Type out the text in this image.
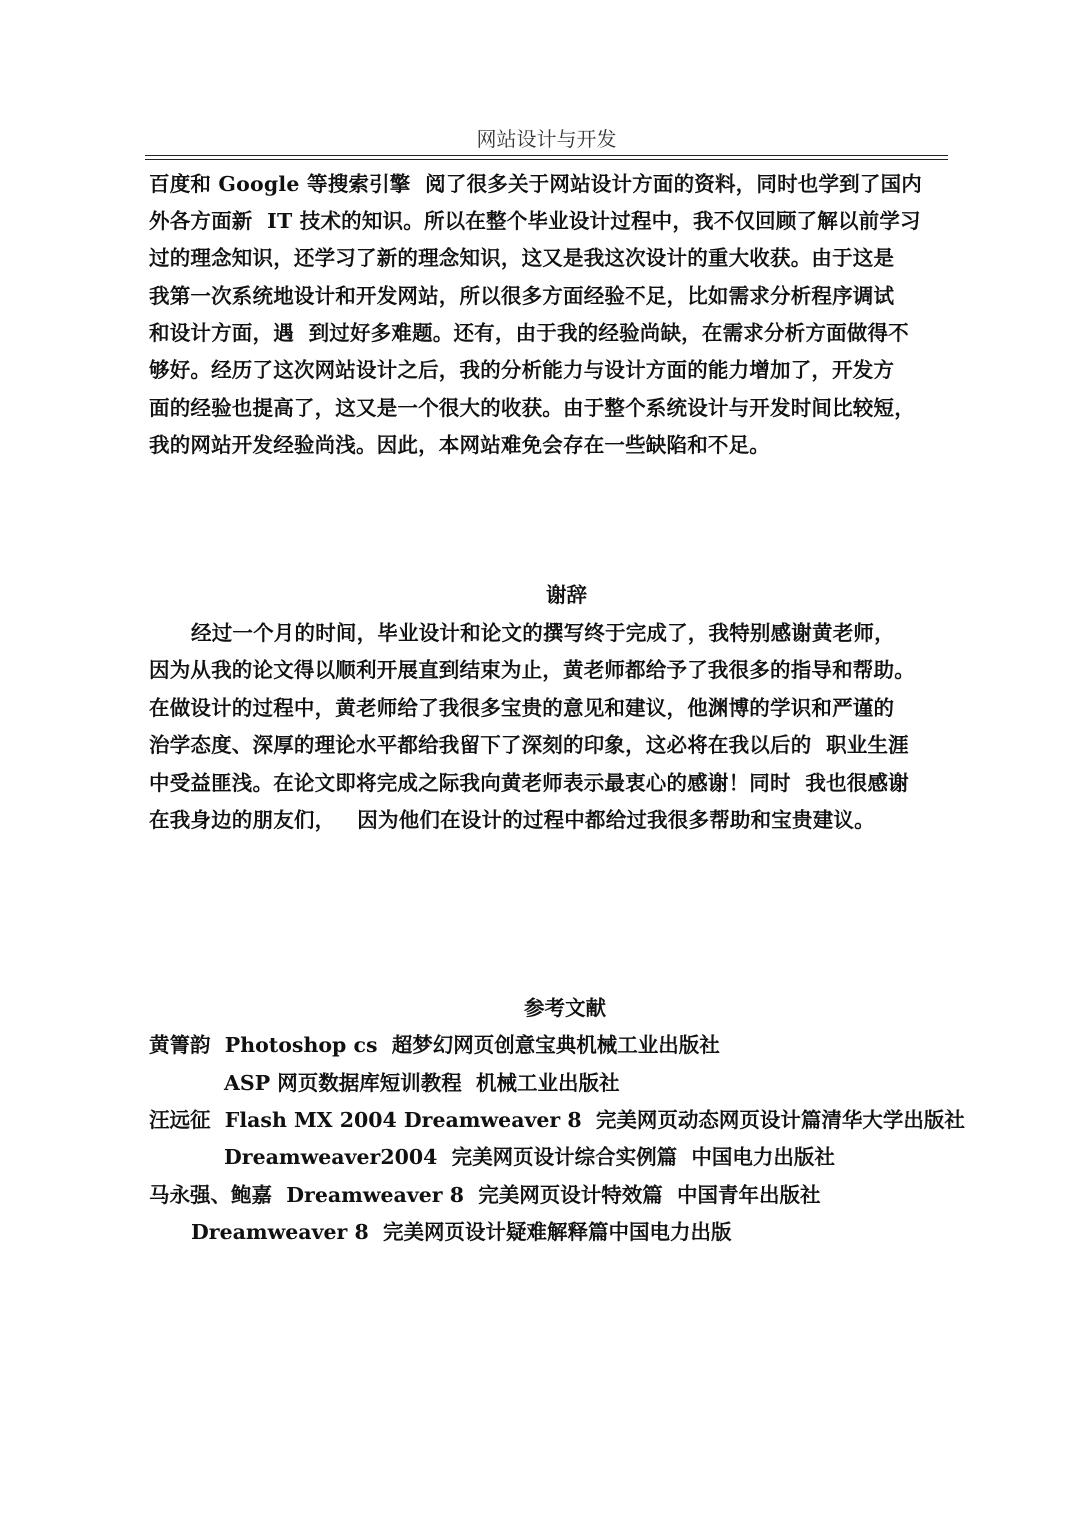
网站设计与开发
百度和 Google 等搜索引擎  阅了很多关于网站设计方面的资料，同时也学到了国内
外各方面新  IT 技术的知识。所以在整个毕业设计过程中，我不仅回顾了解以前学习
过的理念知识，还学习了新的理念知识，这又是我这次设计的重大收获。由于这是
我第一次系统地设计和开发网站，所以很多方面经验不足，比如需求分析程序调试
和设计方面，遇  到过好多难题。还有，由于我的经验尚缺，在需求分析方面做得不
够好。经历了这次网站设计之后，我的分析能力与设计方面的能力增加了，开发方
面的经验也提高了，这又是一个很大的收获。由于整个系统设计与开发时间比较短，
我的网站开发经验尚浅。因此，本网站难免会存在一些缺陷和不足。
谢辞
经过一个月的时间，毕业设计和论文的撰写终于完成了，我特别感谢黄老师，
因为从我的论文得以顺利开展直到结束为止，黄老师都给予了我很多的指导和帮助。
在做设计的过程中，黄老师给了我很多宝贵的意见和建议，他渊博的学识和严谨的
治学态度、深厚的理论水平都给我留下了深刻的印象，这必将在我以后的  职业生涯
中受益匪浅。在论文即将完成之际我向黄老师表示最衷心的感谢！同时  我也很感谢
在我身边的朋友们，   因为他们在设计的过程中都给过我很多帮助和宝贵建议。
参考文献
黄箐韵  Photoshop cs  超梦幻网页创意宝典机械工业出版社
ASP 网页数据库短训教程  机械工业出版社
汪远征  Flash MX 2004 Dreamweaver 8  完美网页动态网页设计篇清华大学出版社
Dreamweaver2004  完美网页设计综合实例篇  中国电力出版社
马永强、鲍嘉  Dreamweaver 8  完美网页设计特效篇  中国青年出版社
Dreamweaver 8  完美网页设计疑难解释篇中国电力出版
